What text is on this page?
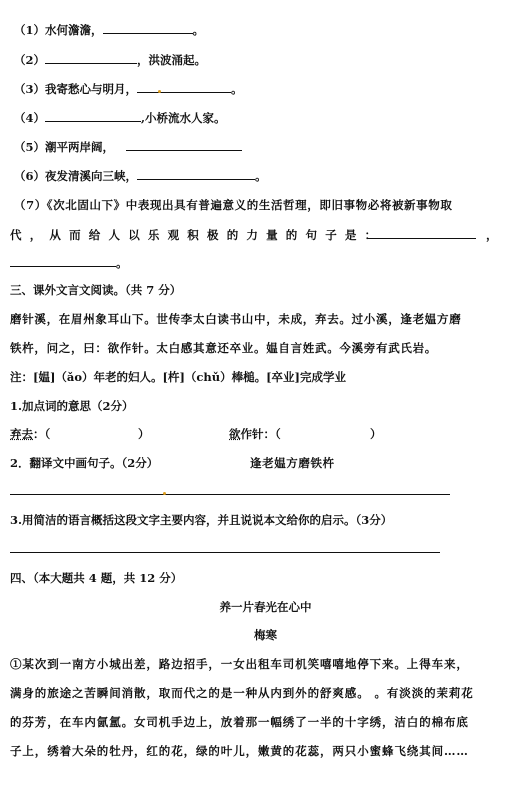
（1）水何澹澹，	。
（2）	，洪波涌起。
（3）我寄愁心与明月，	。
（4）	,小桥流水人家。
（5）潮平两岸阔，
（6）夜发清溪向三峡，	。
（7）《次北固山下》中表现出具有普遍意义的生活哲理，即旧事物必将被新事物取
代，从而给人以乐观积极的力量的句子是：	，
。
三、课外文言文阅读。（共 7 分）
磨针溪，在眉州象耳山下。世传李太白读书山中，未成，弃去。过小溪，逢老媪方磨
铁杵，问之，曰：欲作针。太白感其意还卒业。媪自言姓武。今溪旁有武氏岩。
注：[媪]（ǎo）年老的妇人。[杵]（chǔ）棒槌。[卒业]完成学业
1.加点词的意思（2分）
弃去：（	）	欲作针：（	）
2．翻译文中画句子。（2分）	逢老媪方磨铁杵
3.用简洁的语言概括这段文字主要内容，并且说说本文给你的启示。（3分）
四、（本大题共 4 题，共 12 分）
养一片春光在心中
梅寒
①某次到一南方小城出差，路边招手，一女出租车司机笑嘻嘻地停下来。上得车来，
满身的旅途之苦瞬间消散，取而代之的是一种从内到外的舒爽感。 。有淡淡的茉莉花
的芬芳，在车内氤氲。女司机手边上，放着那一幅绣了一半的十字绣，洁白的棉布底
子上，绣着大朵的牡丹，红的花，绿的叶儿，嫩黄的花蕊，两只小蜜蜂飞绕其间……
